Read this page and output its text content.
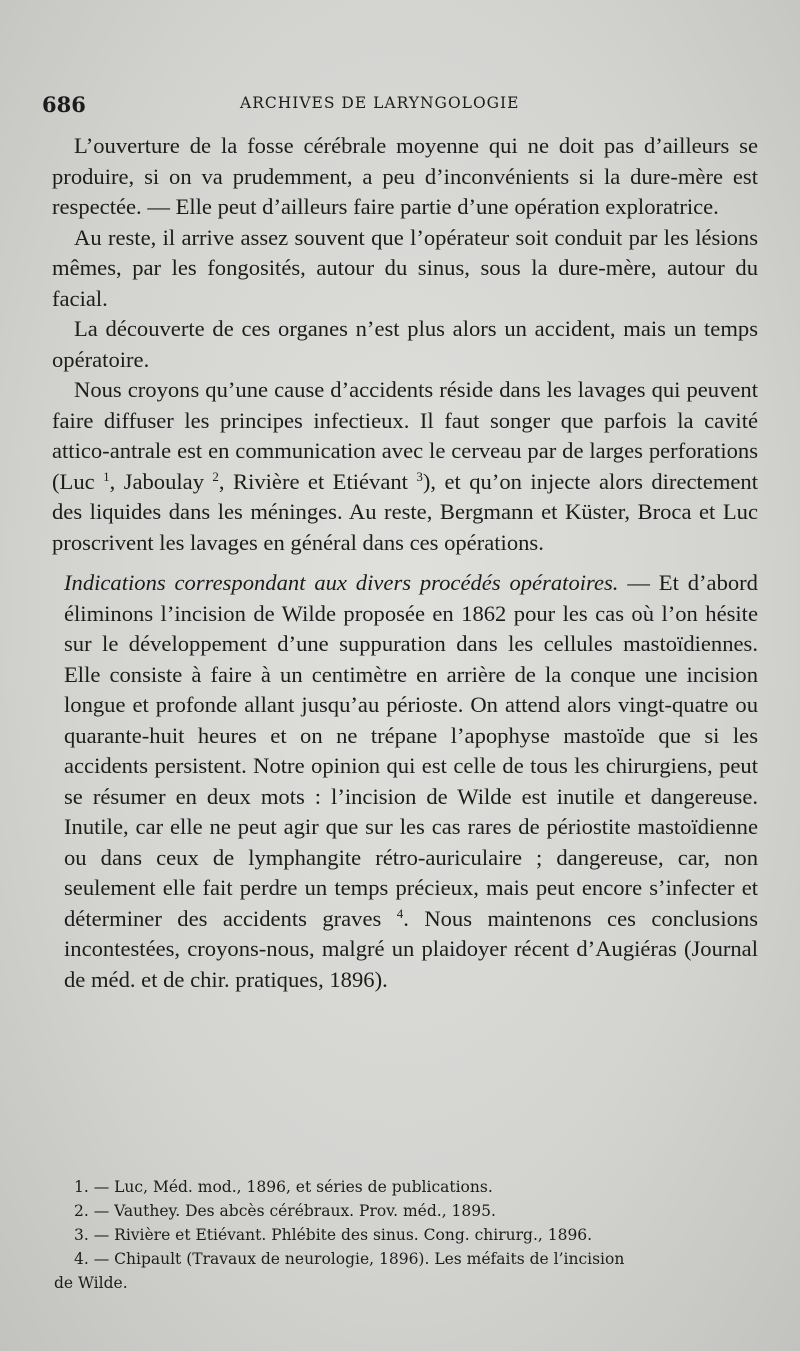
686	ARCHIVES DE LARYNGOLOGIE

L’ouverture de la fosse cérébrale moyenne qui ne doit pas d’ailleurs se produire, si on va prudemment, a peu d’inconvénients si la dure-mère est respectée. — Elle peut d’ailleurs faire partie d’une opération exploratrice.

Au reste, il arrive assez souvent que l’opérateur soit conduit par les lésions mêmes, par les fongosités, autour du sinus, sous la dure-mère, autour du facial.

La découverte de ces organes n’est plus alors un accident, mais un temps opératoire.

Nous croyons qu’une cause d’accidents réside dans les lavages qui peuvent faire diffuser les principes infectieux. Il faut songer que parfois la cavité attico-antrale est en communication avec le cerveau par de larges perforations (Luc $^1$, Jaboulay $^2$, Rivière et Etiévant $^3$), et qu’on injecte alors directement des liquides dans les méninges. Au reste, Bergmann et Küster, Broca et Luc proscrivent les lavages en général dans ces opérations.

Indications correspondant aux divers procédés opératoires. — Et d’abord éliminons l’incision de Wilde proposée en 1862 pour les cas où l’on hésite sur le développement d’une suppuration dans les cellules mastoïdiennes. Elle consiste à faire à un centimètre en arrière de la conque une incision longue et profonde allant jusqu’au périoste. On attend alors vingt-quatre ou quarante-huit heures et on ne trépane l’apophyse mastoïde que si les accidents persistent. Notre opinion qui est celle de tous les chirurgiens, peut se résumer en deux mots : l’incision de Wilde est inutile et dangereuse. Inutile, car elle ne peut agir que sur les cas rares de périostite mastoïdienne ou dans ceux de lymphangite rétro-auriculaire ; dangereuse, car, non seulement elle fait perdre un temps précieux, mais peut encore s’infecter et déterminer des accidents graves $^4$. Nous maintenons ces conclusions incontestées, croyons-nous, malgré un plaidoyer récent d’Augiéras (Journal de méd. et de chir. pratiques, 1896).

1. — Luc, Méd. mod., 1896, et séries de publications.
2. — Vauthey. Des abcès cérébraux. Prov. méd., 1895.
3. — Rivière et Etiévant. Phlébite des sinus. Cong. chirurg., 1896.
4. — Chipault (Travaux de neurologie, 1896). Les méfaits de l’incision
de Wilde.
